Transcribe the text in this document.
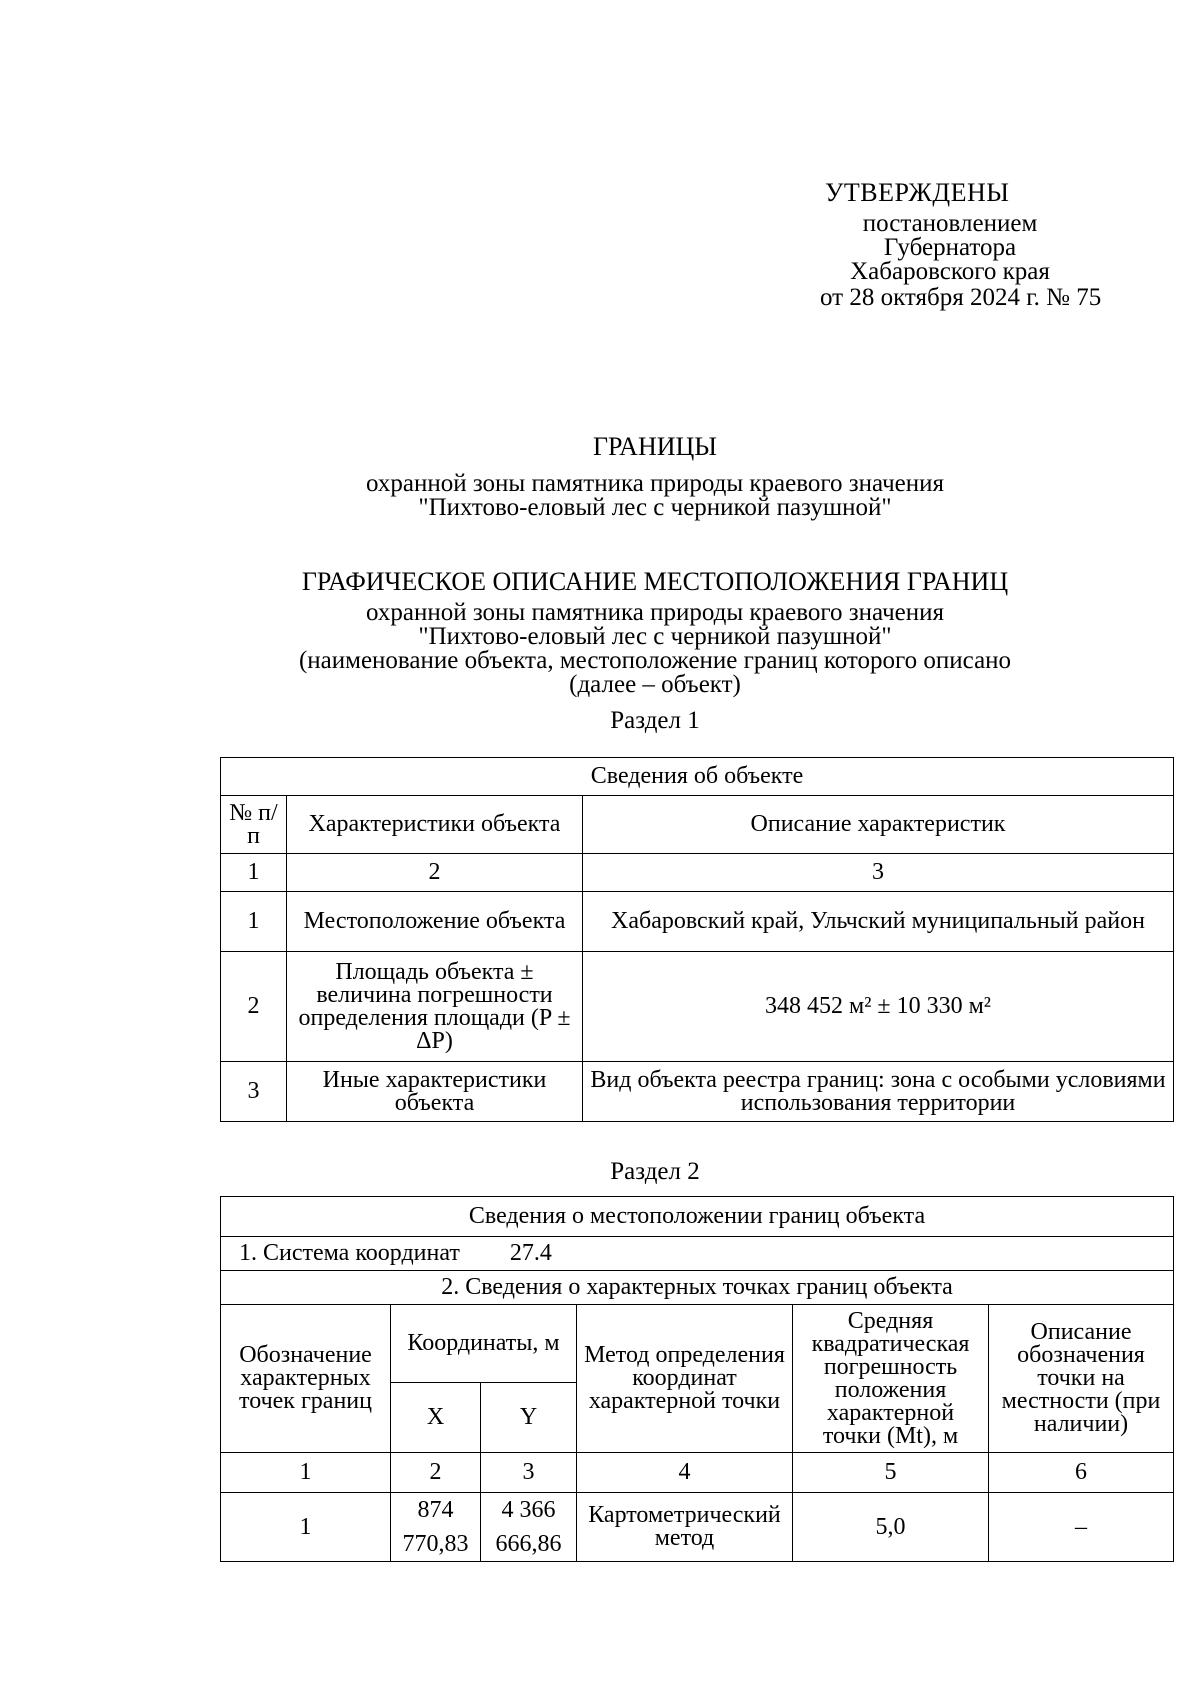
УТВЕРЖДЕНЫ
постановлением
Губернатора
Хабаровского края
от 28 октября 2024 г. № 75
ГРАНИЦЫ
охранной зоны памятника природы краевого значения
"Пихтово-еловый лес с черникой пазушной"
ГРАФИЧЕСКОЕ ОПИСАНИЕ МЕСТОПОЛОЖЕНИЯ ГРАНИЦ
охранной зоны памятника природы краевого значения
"Пихтово-еловый лес с черникой пазушной"
(наименование объекта, местоположение границ которого описано
(далее – объект)
Раздел 1
Сведения об объекте		
№ п/п	Характеристики объекта	Описание характеристик
1	2	3
1	Местоположение объекта	Хабаровский край, Ульчский муниципальный район
2	Площадь объекта ± величина погрешности определения площади (P ± ΔP)	348 452 м² ± 10 330 м²
3	Иные характеристики объекта	Вид объекта реестра границ: зона с особыми условиями использования территории
Раздел 2
Сведения о местоположении границ объекта					
1. Система координат 27.4					
2. Сведения о характерных точках границ объекта					
Обозначение характерных точек границ	Координаты, м		Метод определения координат характерной точки	Средняя квадратическая погрешность положения характерной точки (Mt), м	Описание обозначения точки на местности (при наличии)
	X	Y			
1	2	3	4	5	6
1	874 770,83	4 366 666,86	Картометрический метод	5,0	–
